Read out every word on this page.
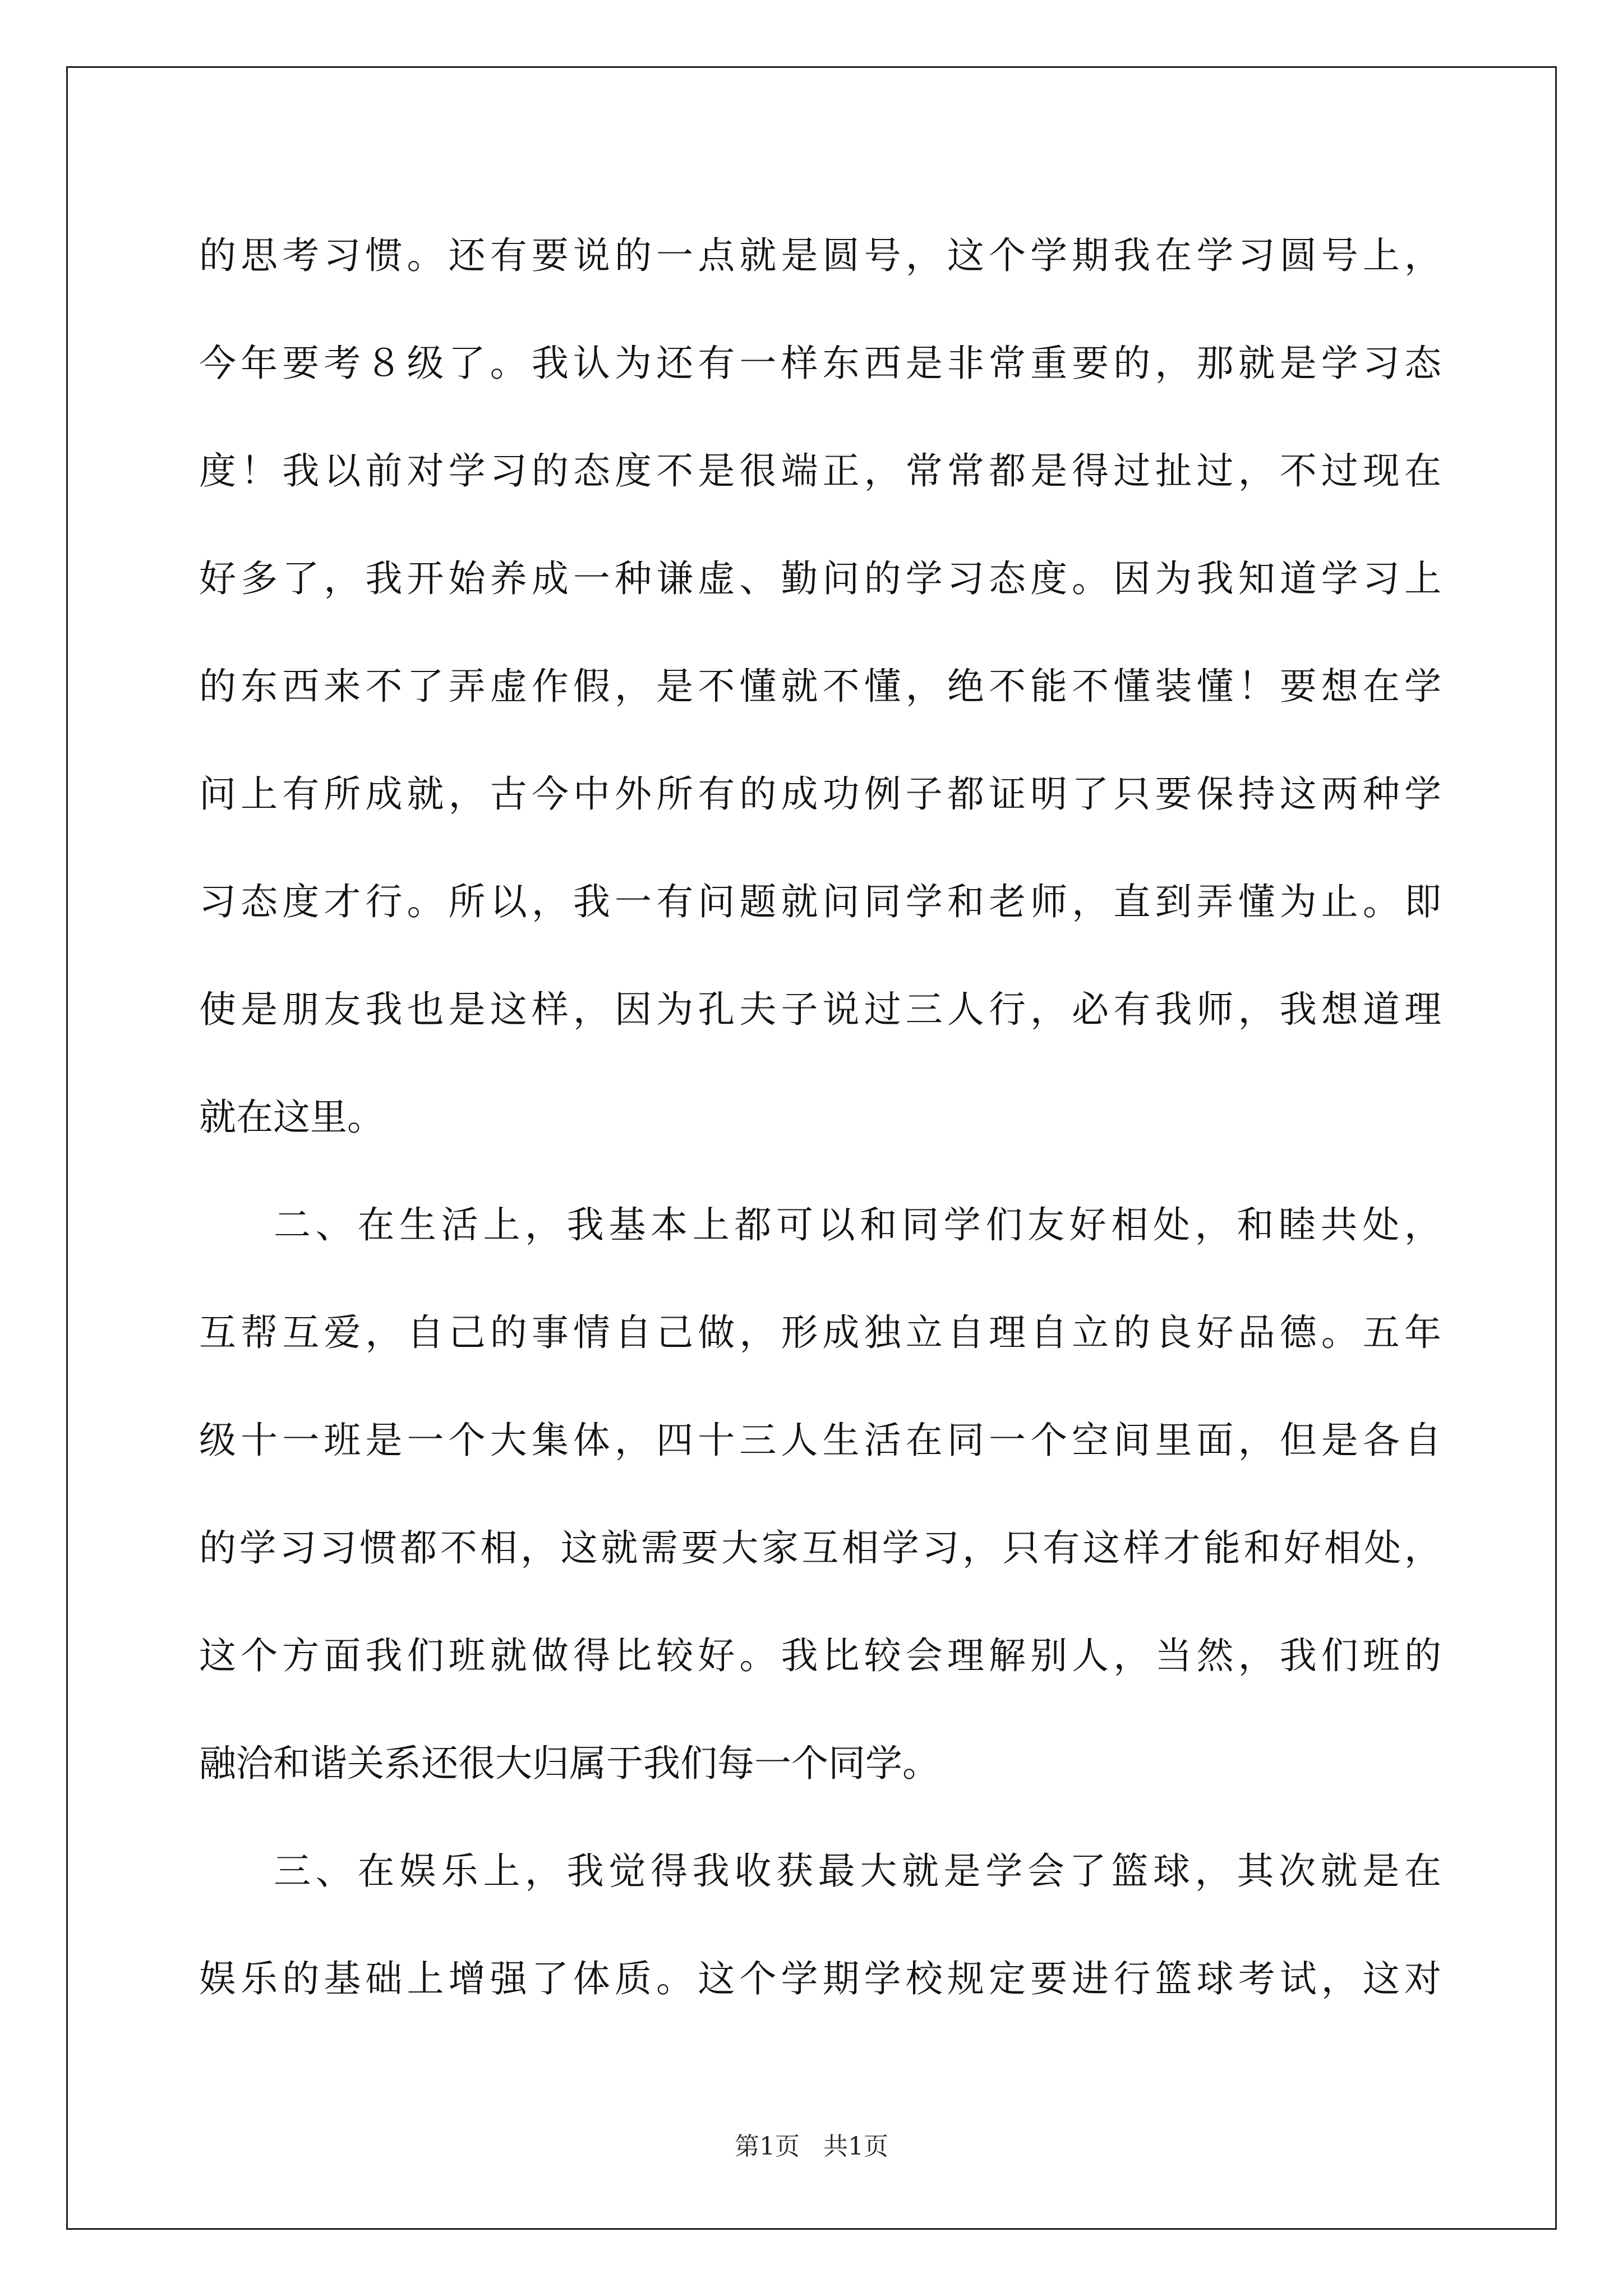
的思考习惯。还有要说的一点就是圆号，这个学期我在学习圆号上，
今年要考８级了。我认为还有一样东西是非常重要的，那就是学习态
度！我以前对学习的态度不是很端正，常常都是得过扯过，不过现在
好多了，我开始养成一种谦虚、勤问的学习态度。因为我知道学习上
的东西来不了弄虚作假，是不懂就不懂，绝不能不懂装懂！要想在学
问上有所成就，古今中外所有的成功例子都证明了只要保持这两种学
习态度才行。所以，我一有问题就问同学和老师，直到弄懂为止。即
使是朋友我也是这样，因为孔夫子说过三人行，必有我师，我想道理
就在这里。
二、在生活上，我基本上都可以和同学们友好相处，和睦共处，
互帮互爱，自己的事情自己做，形成独立自理自立的良好品德。五年
级十一班是一个大集体，四十三人生活在同一个空间里面，但是各自
的学习习惯都不相，这就需要大家互相学习，只有这样才能和好相处，
这个方面我们班就做得比较好。我比较会理解别人，当然，我们班的
融洽和谐关系还很大归属于我们每一个同学。
三、在娱乐上，我觉得我收获最大就是学会了篮球，其次就是在
娱乐的基础上增强了体质。这个学期学校规定要进行篮球考试，这对
第1页   共1页
